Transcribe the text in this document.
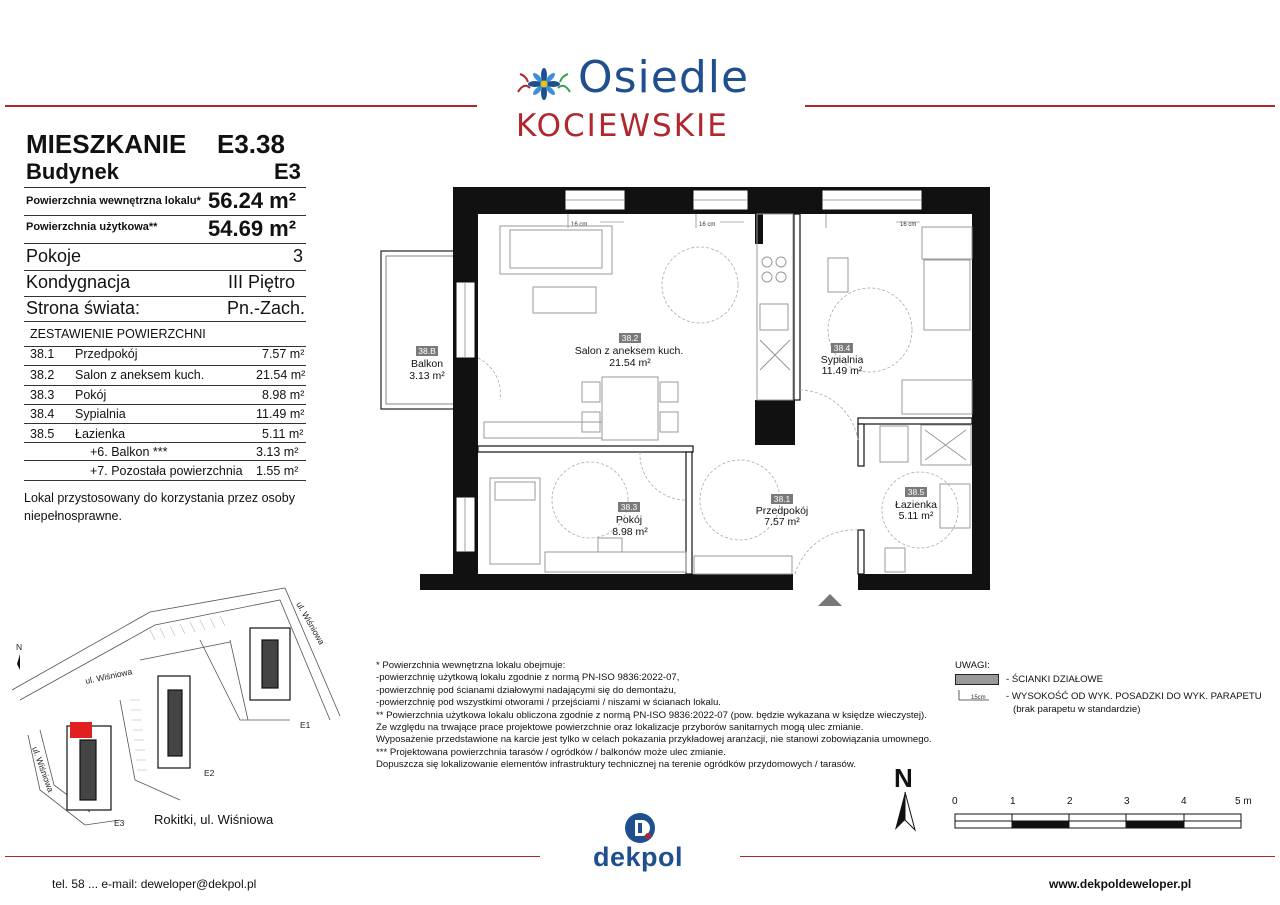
Osiedle
KOCIEWSKIE
MIESZKANIE E3.38
Budynek	E3
Powierzchnia wewnętrzna lokalu* 56.24 m²
Powierzchnia użytkowa** 54.69 m²
Pokoje	3
Kondygnacja	III Piętro
Strona świata:	Pn.-Zach.
ZESTAWIENIE POWIERZCHNI
38.1 Przedpokój	7.57 m²
38.2 Salon z aneksem kuch.	21.54 m²
38.3 Pokój	8.98 m²
38.4 Sypialnia	11.49 m²
38.5 Łazienka	5.11 m²
+6. Balkon ***	3.13 m²
+7. Pozostała powierzchnia 1.55 m²
Lokal przystosowany do korzystania przez osoby niepełnosprawne.
16 cm	16 cm	16 cm
38.2
Salon z aneksem kuch.
21.54 m²
38.4
Sypialnia
11.49 m²
38.B
Balkon
3.13 m²
38.3
Pokój
8.98 m²
38.1
Przedpokój
7.57 m²
38.5
Łazienka
5.11 m²
ul. Wiśniowa
ul. Wiśniowa
ul. Wiśniowa
E1
E2
E3
N
Rokitki, ul. Wiśniowa
* Powierzchnia wewnętrzna lokalu obejmuje:
-powierzchnię użytkową lokalu zgodnie z normą PN-ISO 9836:2022-07,
-powierzchnię pod ścianami działowymi nadającymi się do demontażu,
-powierzchnię pod wszystkimi otworami / przejściami / niszami w ścianach lokalu.
** Powierzchnia użytkowa lokalu obliczona zgodnie z normą PN-ISO 9836:2022-07 (pow. będzie wykazana w księdze wieczystej).
Ze względu na trwające prace projektowe powierzchnie oraz lokalizacje przyborów sanitarnych mogą ulec zmianie.
Wyposażenie przedstawione na karcie jest tylko w celach pokazania przykładowej aranżacji, nie stanowi zobowiązania umownego.
*** Projektowana powierzchnia tarasów / ogródków / balkonów może ulec zmianie.
Dopuszcza się lokalizowanie elementów infrastruktury technicznej na terenie ogródków przydomowych / tarasów.
UWAGI:
- ŚCIANKI DZIAŁOWE
15cm - WYSOKOŚĆ OD WYK. POSADZKI DO WYK. PARAPETU
(brak parapetu w standardzie)
N
0	1	2	3	4	5 m
dekpol
tel. 58 ... e-mail: deweloper@dekpol.pl	www.dekpoldeweloper.pl
